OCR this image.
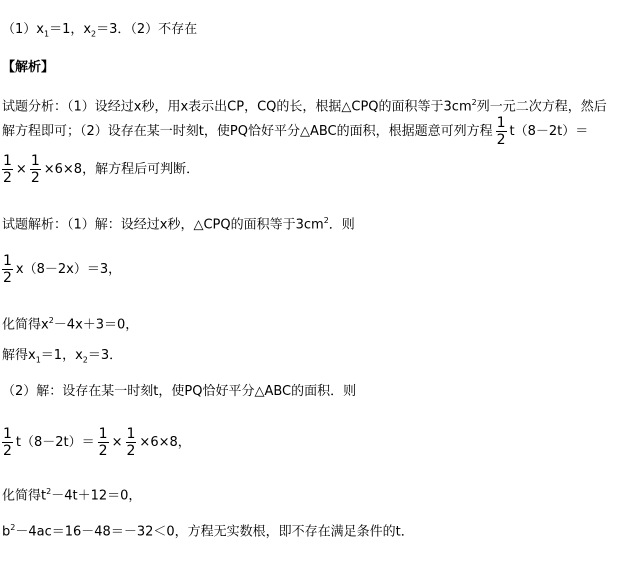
$(1)x_1=1$，$x_2=3$．（2）不存在
【解析】
试题分析：（1）设经过x秒，用x表示出CP，CQ的长，根据△CPQ的面积等于$3cm^2$列一元二次方程，然后
解方程即可；（2）设存在某一时刻t，使PQ恰好平分△ABC的面积，根据题意可列方程 $\frac{1}{2} t(8-2t)=$
$\frac{1}{2} \times \frac{1}{2} \times 6\times 8$，解方程后可判断．
试题解析：（1）解：设经过x秒，△CPQ的面积等于$3cm^2$．则
$\frac{1}{2} x(8-2x)=3$，
化简得$x^2-4x+3=0$，
解得$x_1=1$，$x_2=3$．
（2）解：设存在某一时刻t，使PQ恰好平分△ABC的面积．则
$\frac{1}{2} t(8-2t)= \frac{1}{2} \times \frac{1}{2} \times 6\times 8$，
化简得$t^2-4t+12=0$，
$b^2-4ac=16-48=-32<0$，方程无实数根，即不存在满足条件的t．
